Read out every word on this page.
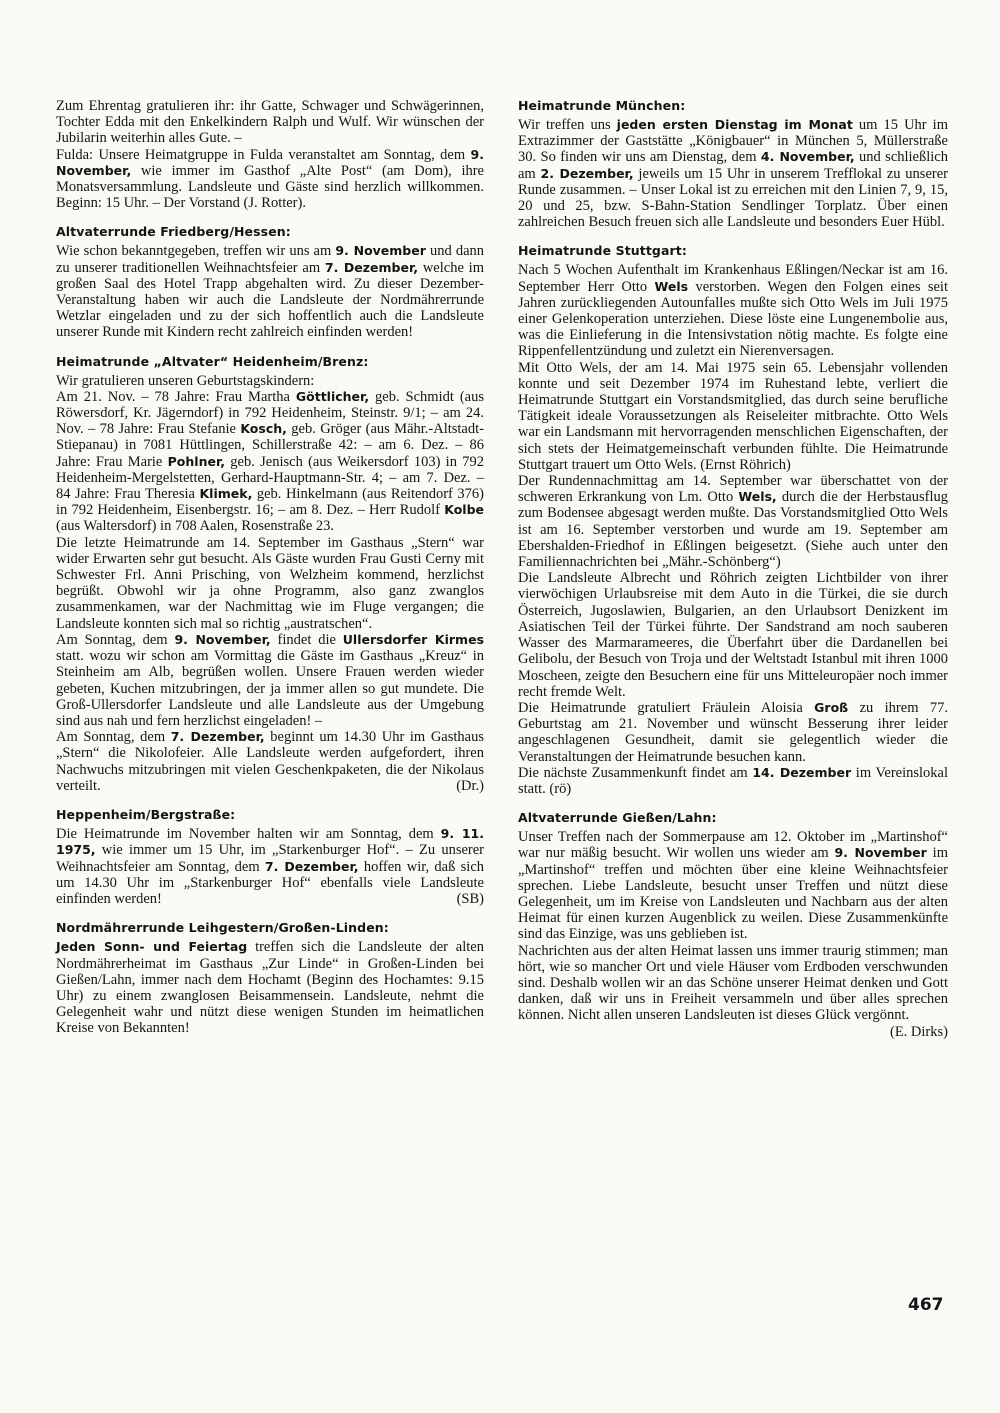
Zum Ehrentag gratulieren ihr: ihr Gatte, Schwager und Schwägerinnen, Tochter Edda mit den Enkelkindern Ralph und Wulf. Wir wünschen der Jubilarin weiterhin alles Gute. –

Fulda: Unsere Heimatgruppe in Fulda veranstaltet am Sonntag, dem 9. November, wie immer im Gasthof „Alte Post“ (am Dom), ihre Monatsversammlung. Landsleute und Gäste sind herzlich willkommen. Beginn: 15 Uhr. – Der Vorstand (J. Rotter).

Altvaterrunde Friedberg/Hessen:

Wie schon bekanntgegeben, treffen wir uns am 9. November und dann zu unserer traditionellen Weihnachtsfeier am 7. Dezember, welche im großen Saal des Hotel Trapp abgehalten wird. Zu dieser Dezember-Veranstaltung haben wir auch die Landsleute der Nordmährerrunde Wetzlar eingeladen und zu der sich hoffentlich auch die Landsleute unserer Runde mit Kindern recht zahlreich einfinden werden!

Heimatrunde „Altvater“ Heidenheim/Brenz:

Wir gratulieren unseren Geburtstagskindern:

Am 21. Nov. – 78 Jahre: Frau Martha Göttlicher, geb. Schmidt (aus Röwersdorf, Kr. Jägerndorf) in 792 Heidenheim, Steinstr. 9/1; – am 24. Nov. – 78 Jahre: Frau Stefanie Kosch, geb. Gröger (aus Mähr.-Altstadt-Stiepanau) in 7081 Hüttlingen, Schillerstraße 42: – am 6. Dez. – 86 Jahre: Frau Marie Pohlner, geb. Jenisch (aus Weikersdorf 103) in 792 Heidenheim-Mergelstetten, Gerhard-Hauptmann-Str. 4; – am 7. Dez. – 84 Jahre: Frau Theresia Klimek, geb. Hinkelmann (aus Reitendorf 376) in 792 Heidenheim, Eisenbergstr. 16; – am 8. Dez. – Herr Rudolf Kolbe (aus Waltersdorf) in 708 Aalen, Rosenstraße 23.

Die letzte Heimatrunde am 14. September im Gasthaus „Stern“ war wider Erwarten sehr gut besucht. Als Gäste wurden Frau Gusti Cerny mit Schwester Frl. Anni Prisching, von Welzheim kommend, herzlichst begrüßt. Obwohl wir ja ohne Programm, also ganz zwanglos zusammenkamen, war der Nachmittag wie im Fluge vergangen; die Landsleute konnten sich mal so richtig „austratschen“.

Am Sonntag, dem 9. November, findet die Ullersdorfer Kirmes statt. wozu wir schon am Vormittag die Gäste im Gasthaus „Kreuz“ in Steinheim am Alb, begrüßen wollen. Unsere Frauen werden wieder gebeten, Kuchen mitzubringen, der ja immer allen so gut mundete. Die Groß-Ullersdorfer Landsleute und alle Landsleute aus der Umgebung sind aus nah und fern herzlichst eingeladen! –

Am Sonntag, dem 7. Dezember, beginnt um 14.30 Uhr im Gasthaus „Stern“ die Nikolofeier. Alle Landsleute werden aufgefordert, ihren Nachwuchs mitzubringen mit vielen Geschenkpaketen, die der Nikolaus verteilt.	(Dr.)

Heppenheim/Bergstraße:

Die Heimatrunde im November halten wir am Sonntag, dem 9. 11. 1975, wie immer um 15 Uhr, im „Starkenburger Hof“. – Zu unserer Weihnachtsfeier am Sonntag, dem 7. Dezember, hoffen wir, daß sich um 14.30 Uhr im „Starkenburger Hof“ ebenfalls viele Landsleute einfinden werden!	(SB)

Nordmährerrunde Leihgestern/Großen-Linden:

Jeden Sonn- und Feiertag treffen sich die Landsleute der alten Nordmährerheimat im Gasthaus „Zur Linde“ in Großen-Linden bei Gießen/Lahn, immer nach dem Hochamt (Beginn des Hochamtes: 9.15 Uhr) zu einem zwanglosen Beisammensein. Landsleute, nehmt die Gelegenheit wahr und nützt diese wenigen Stunden im heimatlichen Kreise von Bekannten!

Heimatrunde München:

Wir treffen uns jeden ersten Dienstag im Monat um 15 Uhr im Extrazimmer der Gaststätte „Königbauer“ in München 5, Müllerstraße 30. So finden wir uns am Dienstag, dem 4. November, und schließlich am 2. Dezember, jeweils um 15 Uhr in unserem Trefflokal zu unserer Runde zusammen. – Unser Lokal ist zu erreichen mit den Linien 7, 9, 15, 20 und 25, bzw. S-Bahn-Station Sendlinger Torplatz. Über einen zahlreichen Besuch freuen sich alle Landsleute und besonders Euer Hübl.

Heimatrunde Stuttgart:

Nach 5 Wochen Aufenthalt im Krankenhaus Eßlingen/Neckar ist am 16. September Herr Otto Wels verstorben. Wegen den Folgen eines seit Jahren zurückliegenden Autounfalles mußte sich Otto Wels im Juli 1975 einer Gelenkoperation unterziehen. Diese löste eine Lungenembolie aus, was die Einlieferung in die Intensivstation nötig machte. Es folgte eine Rippenfellentzündung und zuletzt ein Nierenversagen.

Mit Otto Wels, der am 14. Mai 1975 sein 65. Lebensjahr vollenden konnte und seit Dezember 1974 im Ruhestand lebte, verliert die Heimatrunde Stuttgart ein Vorstandsmitglied, das durch seine berufliche Tätigkeit ideale Voraussetzungen als Reiseleiter mitbrachte. Otto Wels war ein Landsmann mit hervorragenden menschlichen Eigenschaften, der sich stets der Heimatgemeinschaft verbunden fühlte. Die Heimatrunde Stuttgart trauert um Otto Wels. (Ernst Röhrich)

Der Rundennachmittag am 14. September war überschattet von der schweren Erkrankung von Lm. Otto Wels, durch die der Herbstausflug zum Bodensee abgesagt werden mußte. Das Vorstandsmitglied Otto Wels ist am 16. September verstorben und wurde am 19. September am Ebershalden-Friedhof in Eßlingen beigesetzt. (Siehe auch unter den Familiennachrichten bei „Mähr.-Schönberg“)

Die Landsleute Albrecht und Röhrich zeigten Lichtbilder von ihrer vierwöchigen Urlaubsreise mit dem Auto in die Türkei, die sie durch Österreich, Jugoslawien, Bulgarien, an den Urlaubsort Denizkent im Asiatischen Teil der Türkei führte. Der Sandstrand am noch sauberen Wasser des Marmarameeres, die Überfahrt über die Dardanellen bei Gelibolu, der Besuch von Troja und der Weltstadt Istanbul mit ihren 1000 Moscheen, zeigte den Besuchern eine für uns Mitteleuropäer noch immer recht fremde Welt.

Die Heimatrunde gratuliert Fräulein Aloisia Groß zu ihrem 77. Geburtstag am 21. November und wünscht Besserung ihrer leider angeschlagenen Gesundheit, damit sie gelegentlich wieder die Veranstaltungen der Heimatrunde besuchen kann.

Die nächste Zusammenkunft findet am 14. Dezember im Vereinslokal statt. (rö)

Altvaterrunde Gießen/Lahn:

Unser Treffen nach der Sommerpause am 12. Oktober im „Martinshof“ war nur mäßig besucht. Wir wollen uns wieder am 9. November im „Martinshof“ treffen und möchten über eine kleine Weihnachtsfeier sprechen. Liebe Landsleute, besucht unser Treffen und nützt diese Gelegenheit, um im Kreise von Landsleuten und Nachbarn aus der alten Heimat für einen kurzen Augenblick zu weilen. Diese Zusammenkünfte sind das Einzige, was uns geblieben ist.

Nachrichten aus der alten Heimat lassen uns immer traurig stimmen; man hört, wie so mancher Ort und viele Häuser vom Erdboden verschwunden sind. Deshalb wollen wir an das Schöne unserer Heimat denken und Gott danken, daß wir uns in Freiheit versammeln und über alles sprechen können. Nicht allen unseren Landsleuten ist dieses Glück vergönnt.

(E. Dirks)

467
